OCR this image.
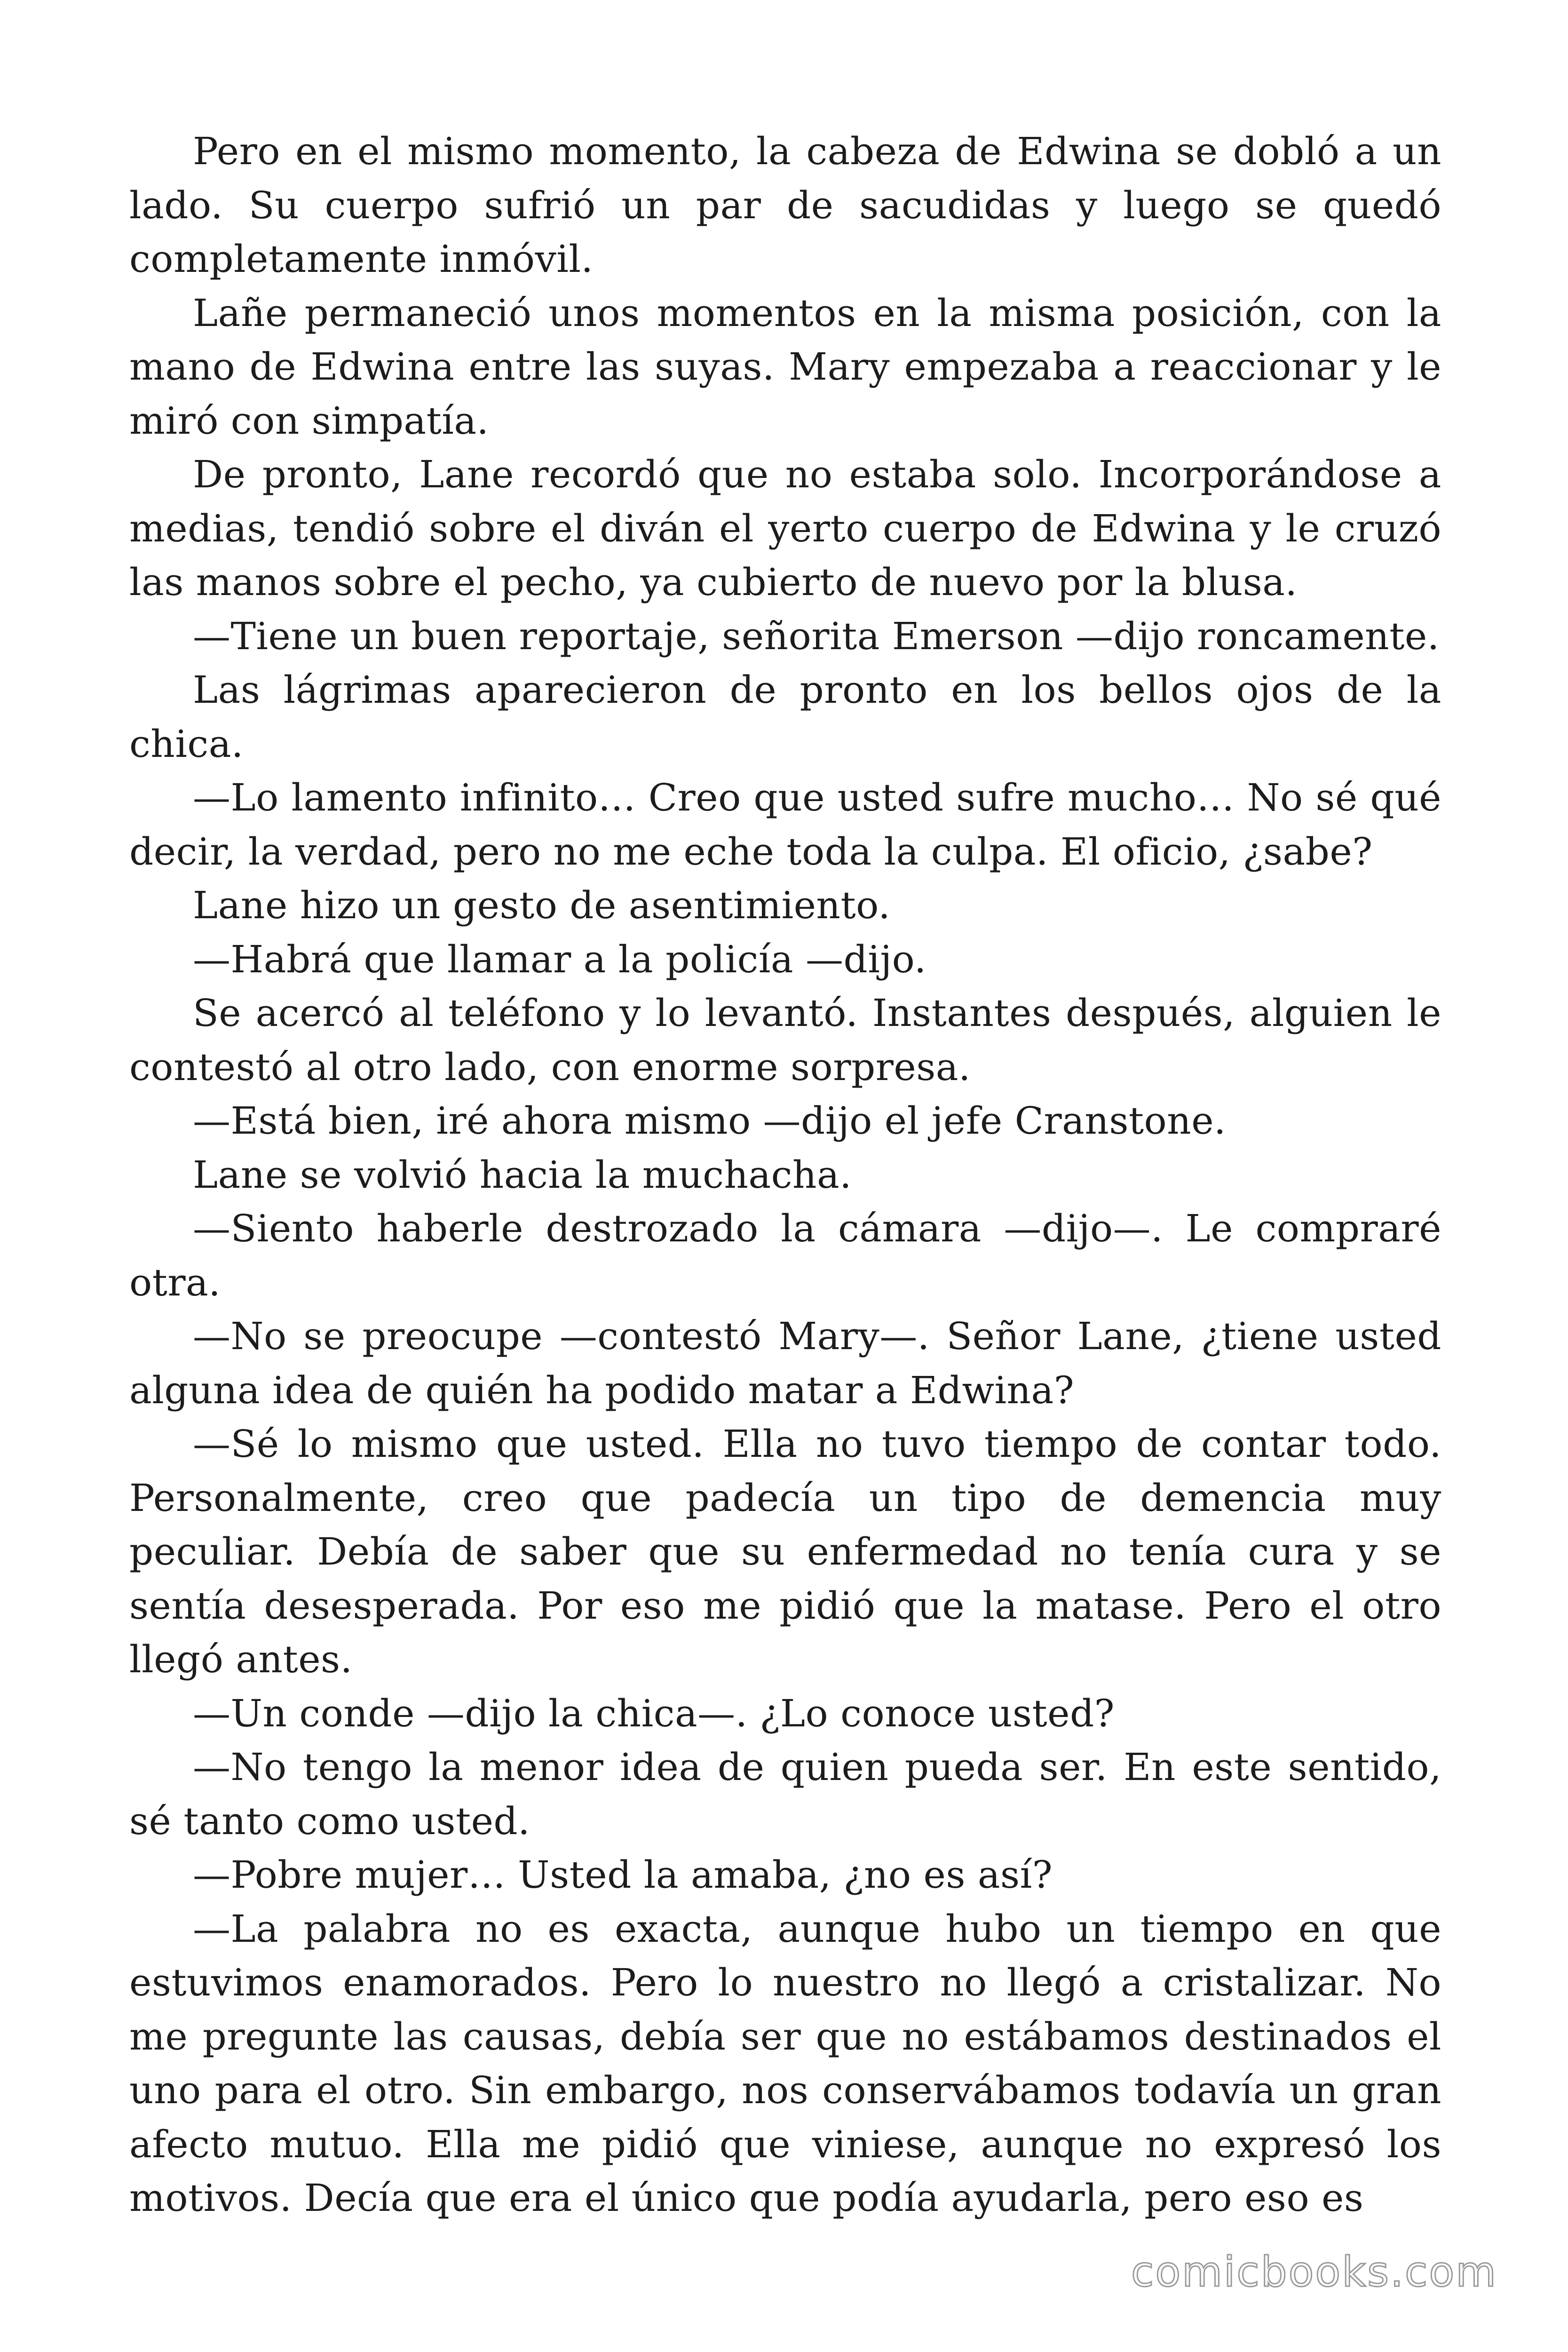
Pero en el mismo momento, la cabeza de Edwina se dobló a un lado. Su cuerpo sufrió un par de sacudidas y luego se quedó completamente inmóvil.

Lañe permaneció unos momentos en la misma posición, con la mano de Edwina entre las suyas. Mary empezaba a reaccionar y le miró con simpatía.

De pronto, Lane recordó que no estaba solo. Incorporándose a medias, tendió sobre el diván el yerto cuerpo de Edwina y le cruzó las manos sobre el pecho, ya cubierto de nuevo por la blusa.

—Tiene un buen reportaje, señorita Emerson —dijo roncamente.

Las lágrimas aparecieron de pronto en los bellos ojos de la chica.

—Lo lamento infinito… Creo que usted sufre mucho… No sé qué decir, la verdad, pero no me eche toda la culpa. El oficio, ¿sabe?

Lane hizo un gesto de asentimiento.

—Habrá que llamar a la policía —dijo.

Se acercó al teléfono y lo levantó. Instantes después, alguien le contestó al otro lado, con enorme sorpresa.

—Está bien, iré ahora mismo —dijo el jefe Cranstone.

Lane se volvió hacia la muchacha.

—Siento haberle destrozado la cámara —dijo—. Le compraré otra.

—No se preocupe —contestó Mary—. Señor Lane, ¿tiene usted alguna idea de quién ha podido matar a Edwina?

—Sé lo mismo que usted. Ella no tuvo tiempo de contar todo. Personalmente, creo que padecía un tipo de demencia muy peculiar. Debía de saber que su enfermedad no tenía cura y se sentía desesperada. Por eso me pidió que la matase. Pero el otro llegó antes.

—Un conde —dijo la chica—. ¿Lo conoce usted?

—No tengo la menor idea de quien pueda ser. En este sentido, sé tanto como usted.

—Pobre mujer… Usted la amaba, ¿no es así?

—La palabra no es exacta, aunque hubo un tiempo en que estuvimos enamorados. Pero lo nuestro no llegó a cristalizar. No me pregunte las causas, debía ser que no estábamos destinados el uno para el otro. Sin embargo, nos conservábamos todavía un gran afecto mutuo. Ella me pidió que viniese, aunque no expresó los motivos. Decía que era el único que podía ayudarla, pero eso es

comicbooks.com
